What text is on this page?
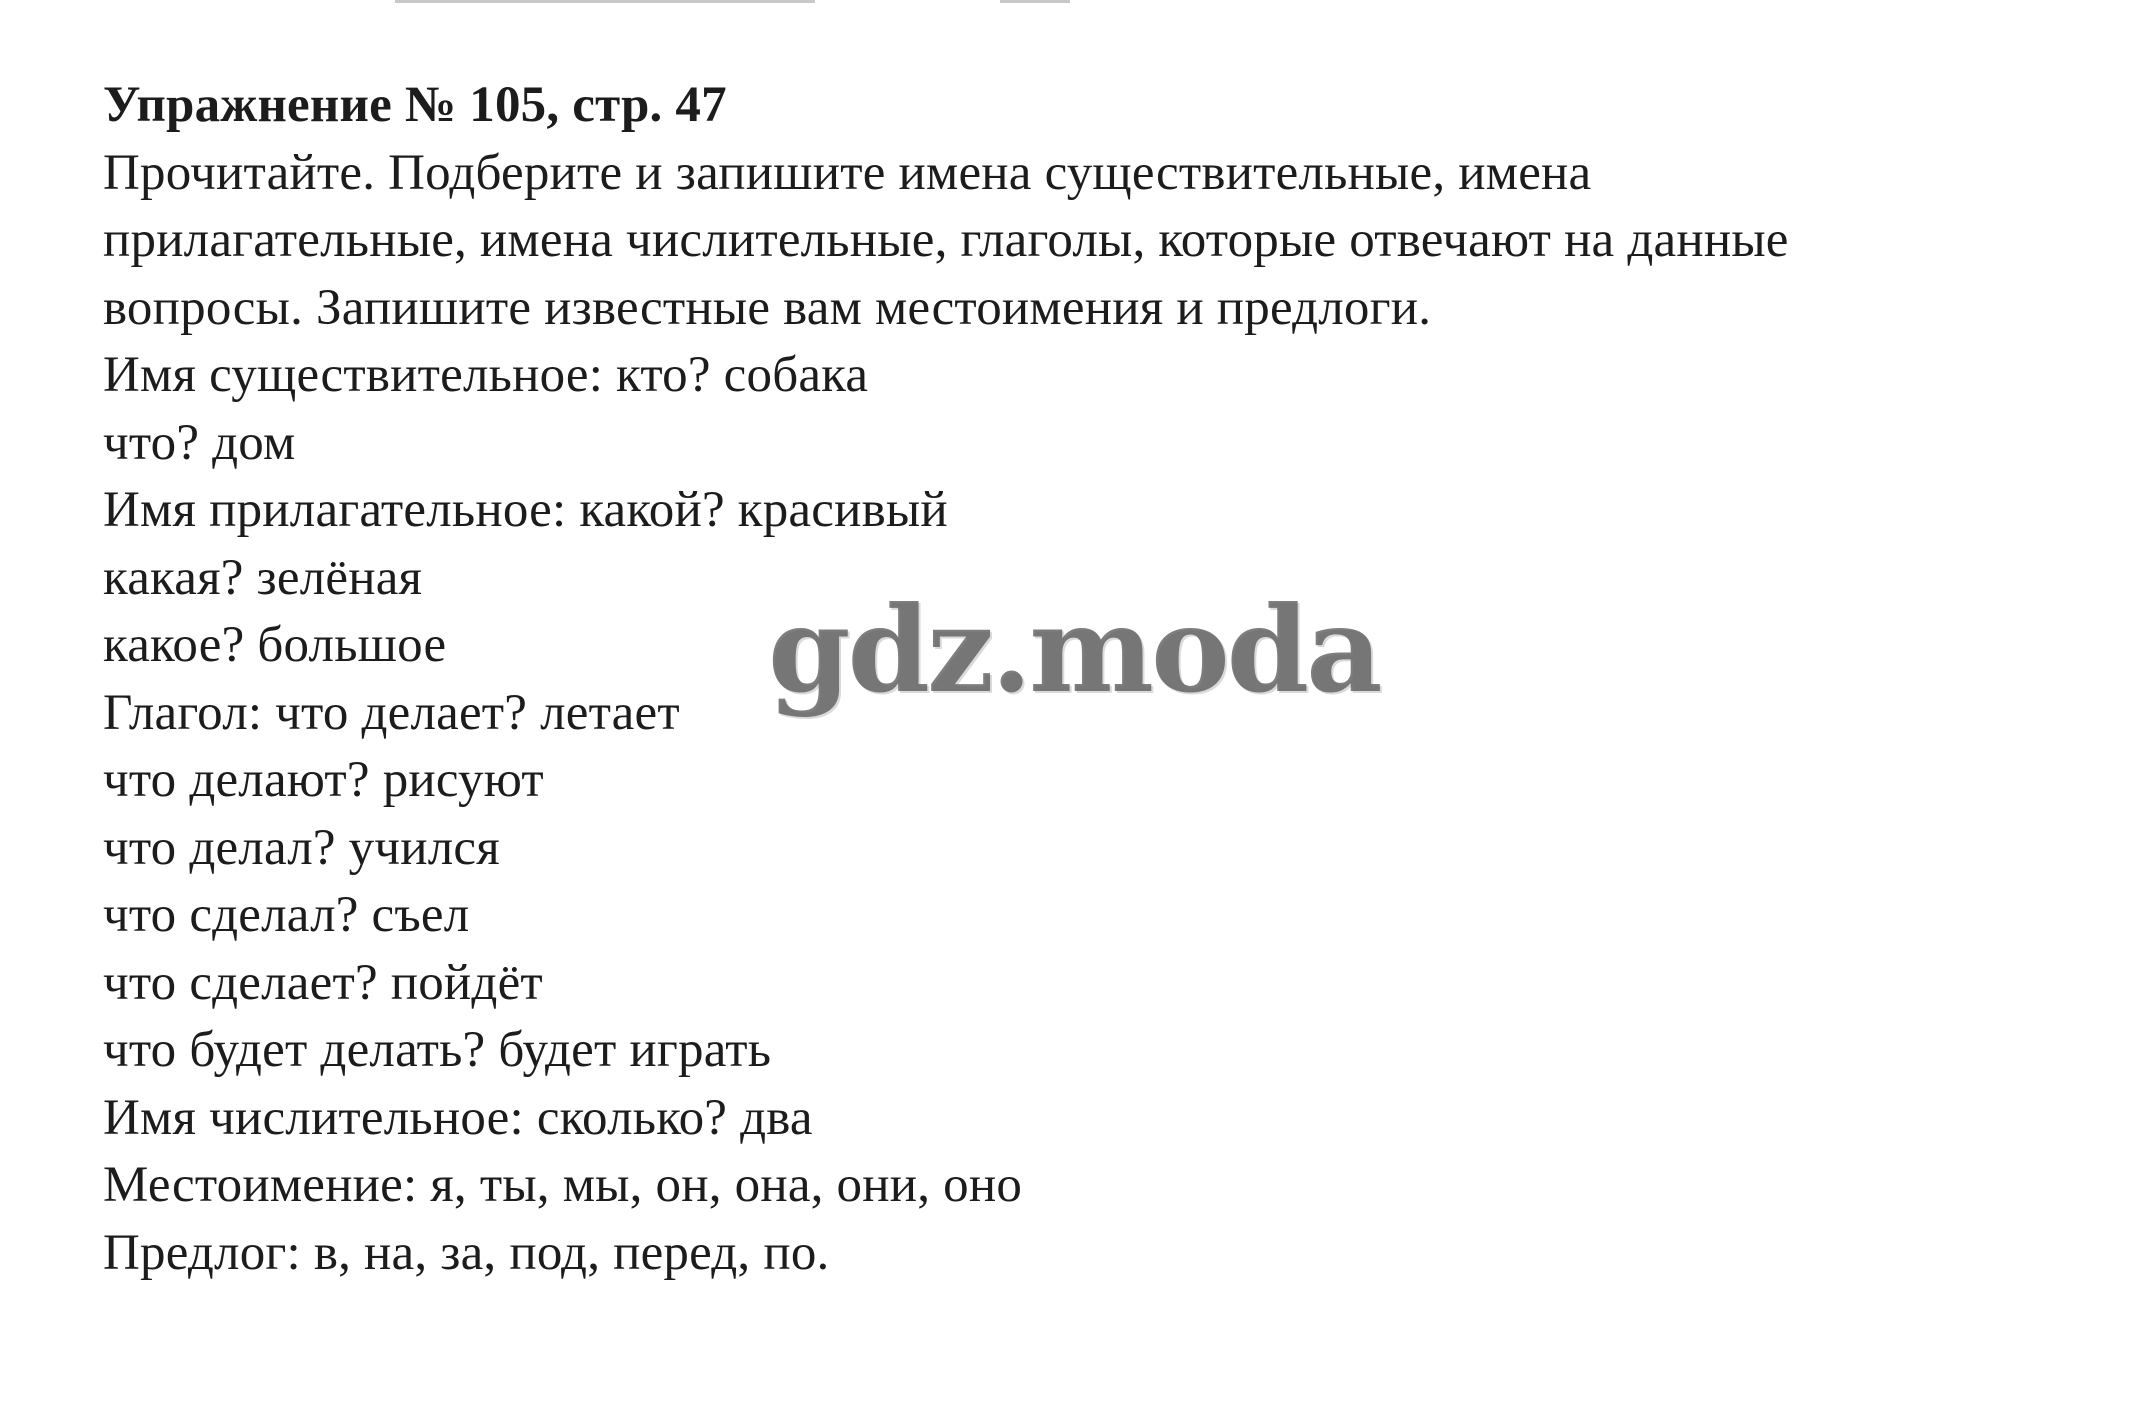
Упражнение № 105, стр. 47
Прочитайте. Подберите и запишите имена существительные, имена
прилагательные, имена числительные, глаголы, которые отвечают на данные
вопросы. Запишите известные вам местоимения и предлоги.
Имя существительное: кто? собака
что? дом
Имя прилагательное: какой? красивый
какая? зелёная
какое? большое
Глагол: что делает? летает
что делают? рисуют
что делал? учился
что сделал? съел
что сделает? пойдёт
что будет делать? будет играть
Имя числительное: сколько? два
Местоимение: я, ты, мы, он, она, они, оно
Предлог: в, на, за, под, перед, по.
gdz.moda
